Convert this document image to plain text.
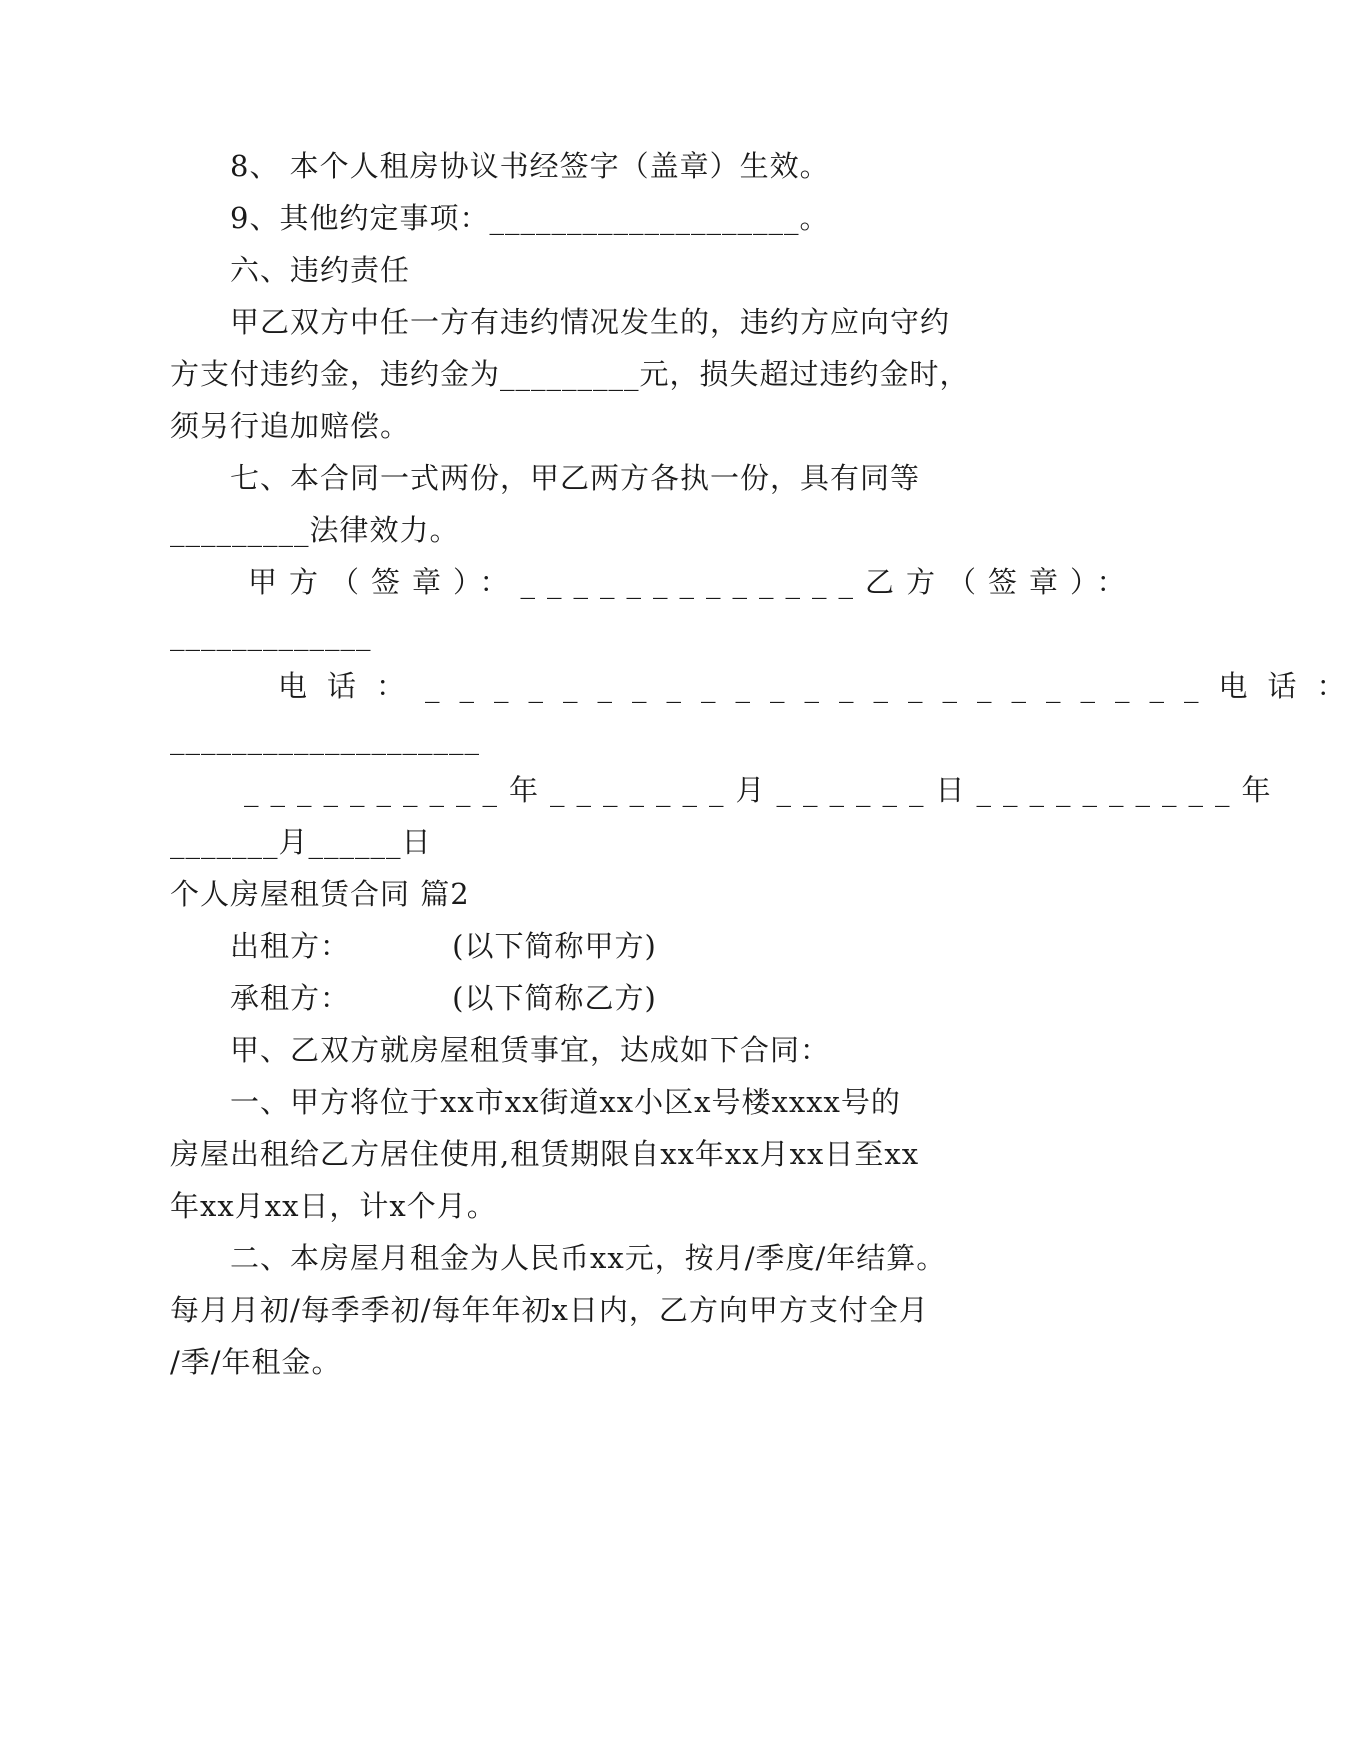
8、 本个人租房协议书经签字（盖章）生效。
9、其他约定事项：____________________。
六、违约责任
甲乙双方中任一方有违约情况发生的，违约方应向守约
方支付违约金，违约金为_________元，损失超过违约金时，
须另行追加赔偿。
七、本合同一式两份，甲乙两方各执一份，具有同等
_________法律效力。
甲方（签章）：_____________乙方（签章）：
_____________
电话：_______________________电话：
____________________
__________年_______月______日__________年
_______月______日
个人房屋租赁合同 篇2
出租方：          (以下简称甲方)
承租方：          (以下简称乙方)
甲、乙双方就房屋租赁事宜，达成如下合同：
一、甲方将位于xx市xx街道xx小区x号楼xxxx号的
房屋出租给乙方居住使用,租赁期限自xx年xx月xx日至xx
年xx月xx日，计x个月。
二、本房屋月租金为人民币xx元，按月/季度/年结算。
每月月初/每季季初/每年年初x日内，乙方向甲方支付全月
/季/年租金。
